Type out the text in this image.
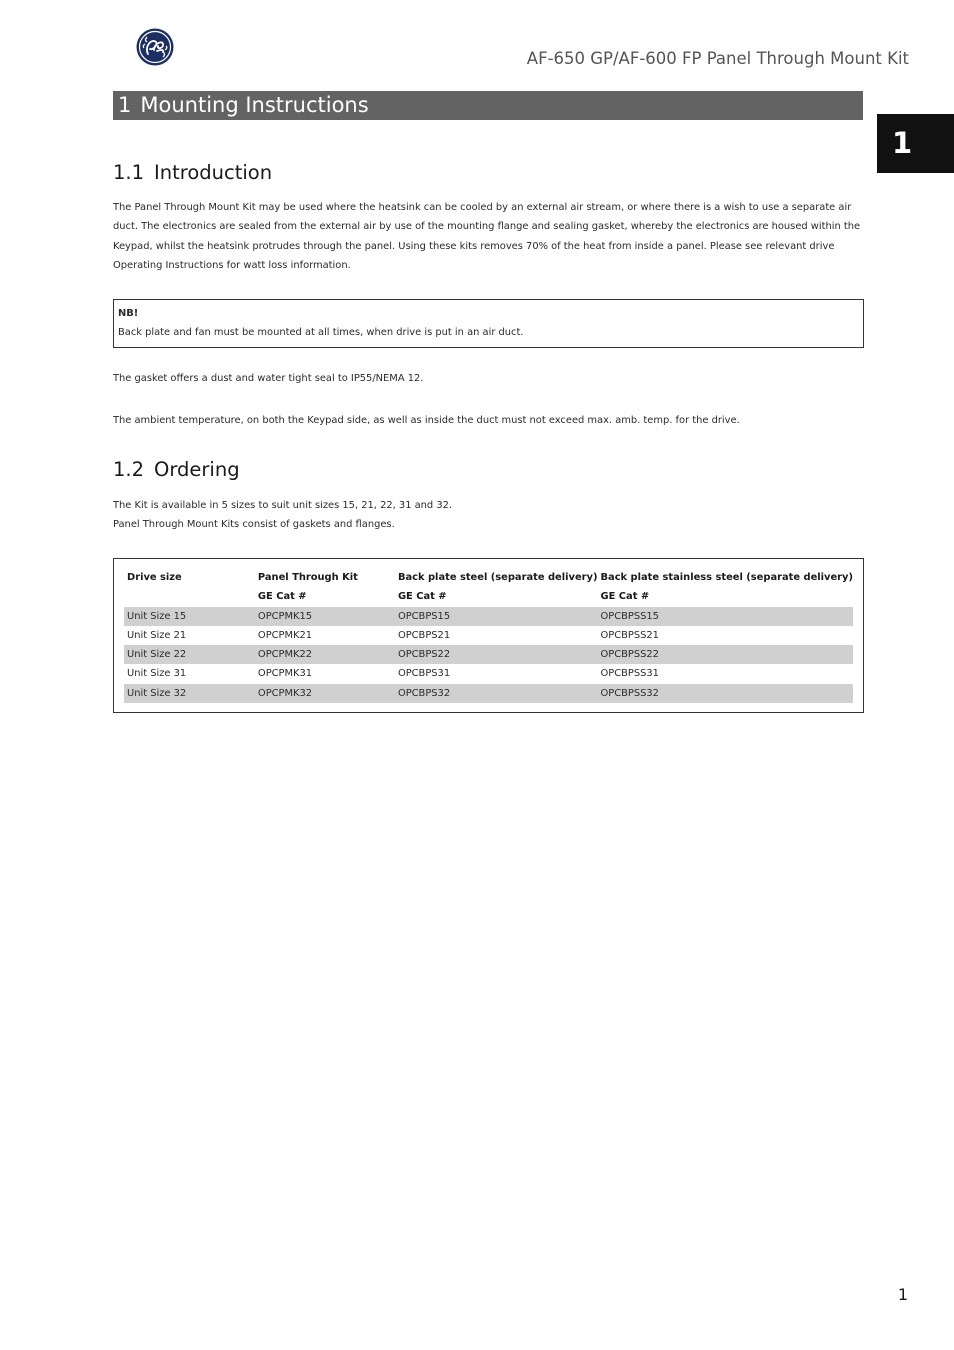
AF-650 GP/AF-600 FP Panel Through Mount Kit
1
1 Mounting Instructions
1.1 Introduction
The Panel Through Mount Kit may be used where the heatsink can be cooled by an external air stream, or where there is a wish to use a separate air duct. The electronics are sealed from the external air by use of the mounting flange and sealing gasket, whereby the electronics are housed within the Keypad, whilst the heatsink protrudes through the panel. Using these kits removes 70% of the heat from inside a panel. Please see relevant drive Operating Instructions for watt loss information.
NB!
Back plate and fan must be mounted at all times, when drive is put in an air duct.
The gasket offers a dust and water tight seal to IP55/NEMA 12.
The ambient temperature, on both the Keypad side, as well as inside the duct must not exceed max. amb. temp. for the drive.
1.2 Ordering
The Kit is available in 5 sizes to suit unit sizes 15, 21, 22, 31 and 32.
Panel Through Mount Kits consist of gaskets and flanges.
Drive size	Panel Through Kit	Back plate steel (separate delivery)	Back plate stainless steel (separate delivery)
	GE Cat #	GE Cat #	GE Cat #
Unit Size 15	OPCPMK15	OPCBPS15	OPCBPSS15
Unit Size 21	OPCPMK21	OPCBPS21	OPCBPSS21
Unit Size 22	OPCPMK22	OPCBPS22	OPCBPSS22
Unit Size 31	OPCPMK31	OPCBPS31	OPCBPSS31
Unit Size 32	OPCPMK32	OPCBPS32	OPCBPSS32
1
